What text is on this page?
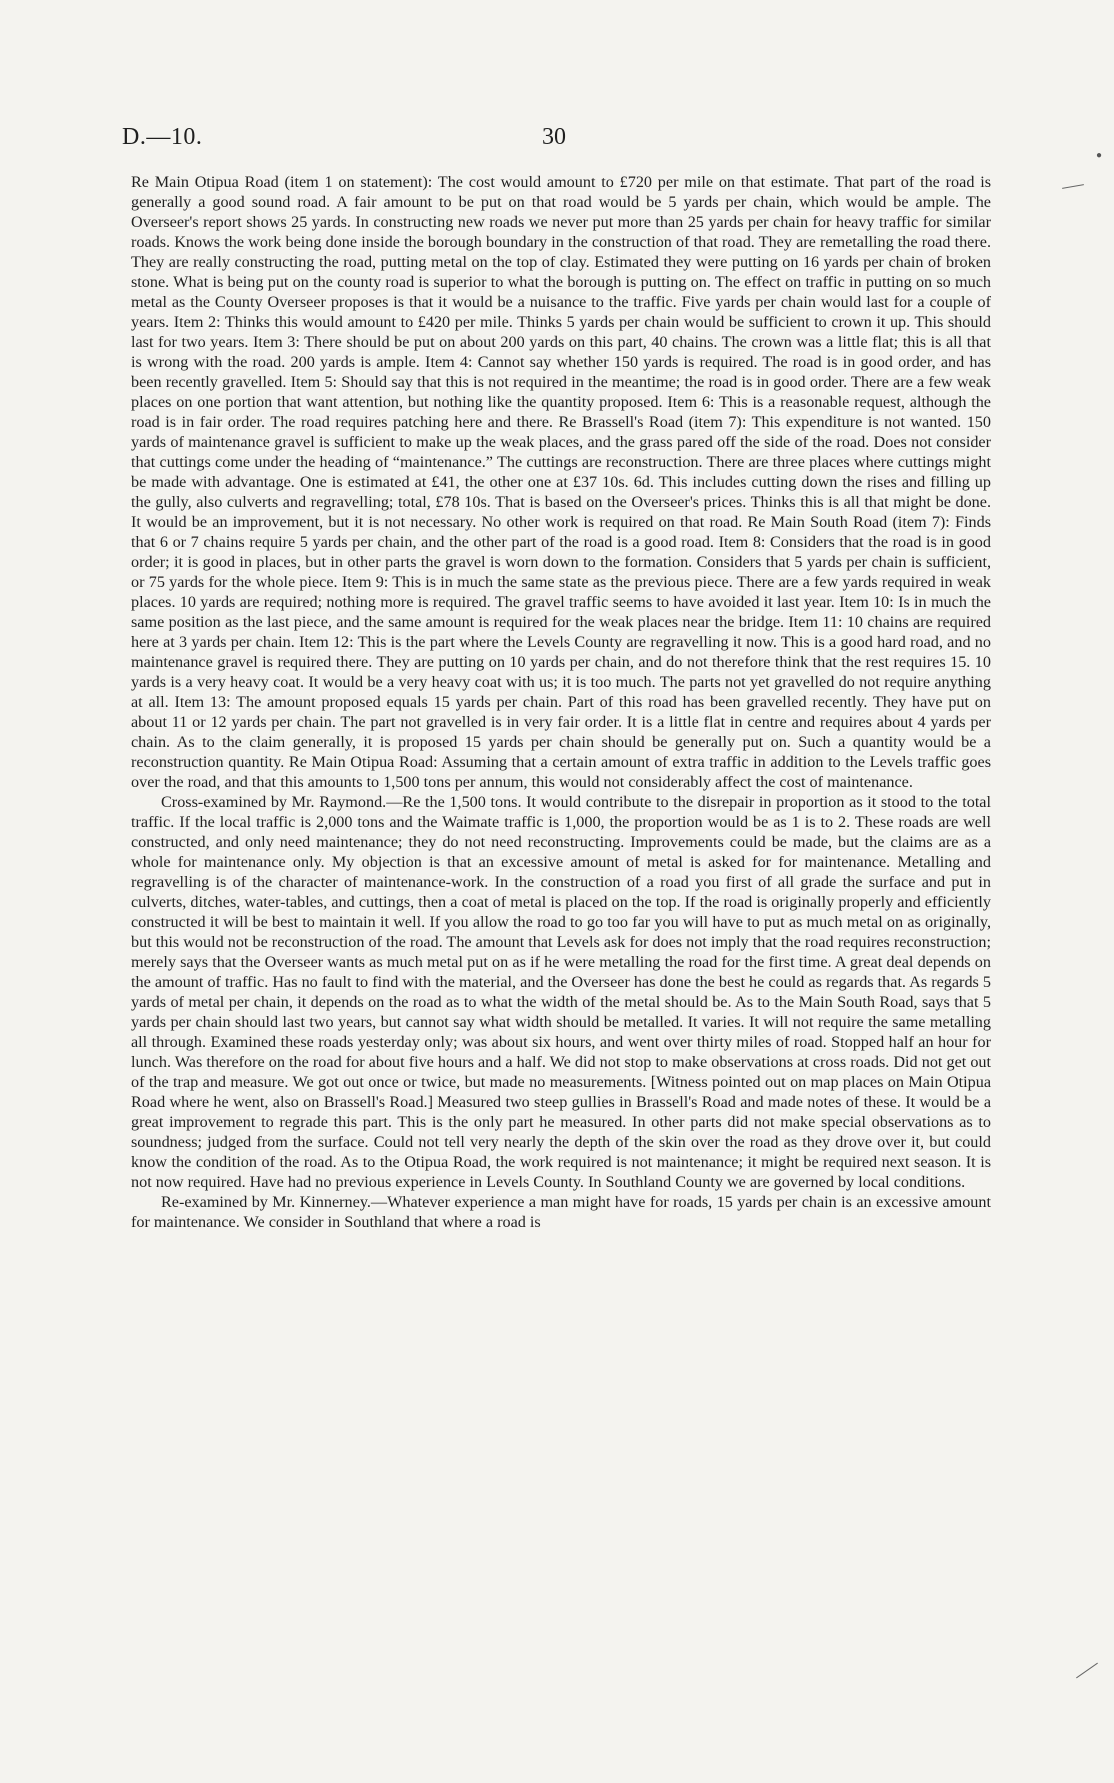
D.—10.	30

Re Main Otipua Road (item 1 on statement): The cost would amount to £720 per mile on that estimate. That part of the road is generally a good sound road. A fair amount to be put on that road would be 5 yards per chain, which would be ample. The Overseer's report shows 25 yards. In constructing new roads we never put more than 25 yards per chain for heavy traffic for similar roads. Knows the work being done inside the borough boundary in the construction of that road. They are remetalling the road there. They are really constructing the road, putting metal on the top of clay. Estimated they were putting on 16 yards per chain of broken stone. What is being put on the county road is superior to what the borough is putting on. The effect on traffic in putting on so much metal as the County Overseer proposes is that it would be a nuisance to the traffic. Five yards per chain would last for a couple of years. Item 2: Thinks this would amount to £420 per mile. Thinks 5 yards per chain would be sufficient to crown it up. This should last for two years. Item 3: There should be put on about 200 yards on this part, 40 chains. The crown was a little flat; this is all that is wrong with the road. 200 yards is ample. Item 4: Cannot say whether 150 yards is required. The road is in good order, and has been recently gravelled. Item 5: Should say that this is not required in the meantime; the road is in good order. There are a few weak places on one portion that want attention, but nothing like the quantity proposed. Item 6: This is a reasonable request, although the road is in fair order. The road requires patching here and there. Re Brassell's Road (item 7): This expenditure is not wanted. 150 yards of maintenance gravel is sufficient to make up the weak places, and the grass pared off the side of the road. Does not consider that cuttings come under the heading of “maintenance.” The cuttings are reconstruction. There are three places where cuttings might be made with advantage. One is estimated at £41, the other one at £37 10s. 6d. This includes cutting down the rises and filling up the gully, also culverts and regravelling; total, £78 10s. That is based on the Overseer's prices. Thinks this is all that might be done. It would be an improvement, but it is not necessary. No other work is required on that road. Re Main South Road (item 7): Finds that 6 or 7 chains require 5 yards per chain, and the other part of the road is a good road. Item 8: Considers that the road is in good order; it is good in places, but in other parts the gravel is worn down to the formation. Considers that 5 yards per chain is sufficient, or 75 yards for the whole piece. Item 9: This is in much the same state as the previous piece. There are a few yards required in weak places. 10 yards are required; nothing more is required. The gravel traffic seems to have avoided it last year. Item 10: Is in much the same position as the last piece, and the same amount is required for the weak places near the bridge. Item 11: 10 chains are required here at 3 yards per chain. Item 12: This is the part where the Levels County are regravelling it now. This is a good hard road, and no maintenance gravel is required there. They are putting on 10 yards per chain, and do not therefore think that the rest requires 15. 10 yards is a very heavy coat. It would be a very heavy coat with us; it is too much. The parts not yet gravelled do not require anything at all. Item 13: The amount proposed equals 15 yards per chain. Part of this road has been gravelled recently. They have put on about 11 or 12 yards per chain. The part not gravelled is in very fair order. It is a little flat in centre and requires about 4 yards per chain. As to the claim generally, it is proposed 15 yards per chain should be generally put on. Such a quantity would be a reconstruction quantity. Re Main Otipua Road: Assuming that a certain amount of extra traffic in addition to the Levels traffic goes over the road, and that this amounts to 1,500 tons per annum, this would not considerably affect the cost of maintenance.

Cross-examined by Mr. Raymond.—Re the 1,500 tons. It would contribute to the disrepair in proportion as it stood to the total traffic. If the local traffic is 2,000 tons and the Waimate traffic is 1,000, the proportion would be as 1 is to 2. These roads are well constructed, and only need maintenance; they do not need reconstructing. Improvements could be made, but the claims are as a whole for maintenance only. My objection is that an excessive amount of metal is asked for for maintenance. Metalling and regravelling is of the character of maintenance-work. In the construction of a road you first of all grade the surface and put in culverts, ditches, water-tables, and cuttings, then a coat of metal is placed on the top. If the road is originally properly and efficiently constructed it will be best to maintain it well. If you allow the road to go too far you will have to put as much metal on as originally, but this would not be reconstruction of the road. The amount that Levels ask for does not imply that the road requires reconstruction; merely says that the Overseer wants as much metal put on as if he were metalling the road for the first time. A great deal depends on the amount of traffic. Has no fault to find with the material, and the Overseer has done the best he could as regards that. As regards 5 yards of metal per chain, it depends on the road as to what the width of the metal should be. As to the Main South Road, says that 5 yards per chain should last two years, but cannot say what width should be metalled. It varies. It will not require the same metalling all through. Examined these roads yesterday only; was about six hours, and went over thirty miles of road. Stopped half an hour for lunch. Was therefore on the road for about five hours and a half. We did not stop to make observations at cross roads. Did not get out of the trap and measure. We got out once or twice, but made no measurements. [Witness pointed out on map places on Main Otipua Road where he went, also on Brassell's Road.] Measured two steep gullies in Brassell's Road and made notes of these. It would be a great improvement to regrade this part. This is the only part he measured. In other parts did not make special observations as to soundness; judged from the surface. Could not tell very nearly the depth of the skin over the road as they drove over it, but could know the condition of the road. As to the Otipua Road, the work required is not maintenance; it might be required next season. It is not now required. Have had no previous experience in Levels County. In Southland County we are governed by local conditions.

Re-examined by Mr. Kinnerney.—Whatever experience a man might have for roads, 15 yards per chain is an excessive amount for maintenance. We consider in Southland that where a road is

●
